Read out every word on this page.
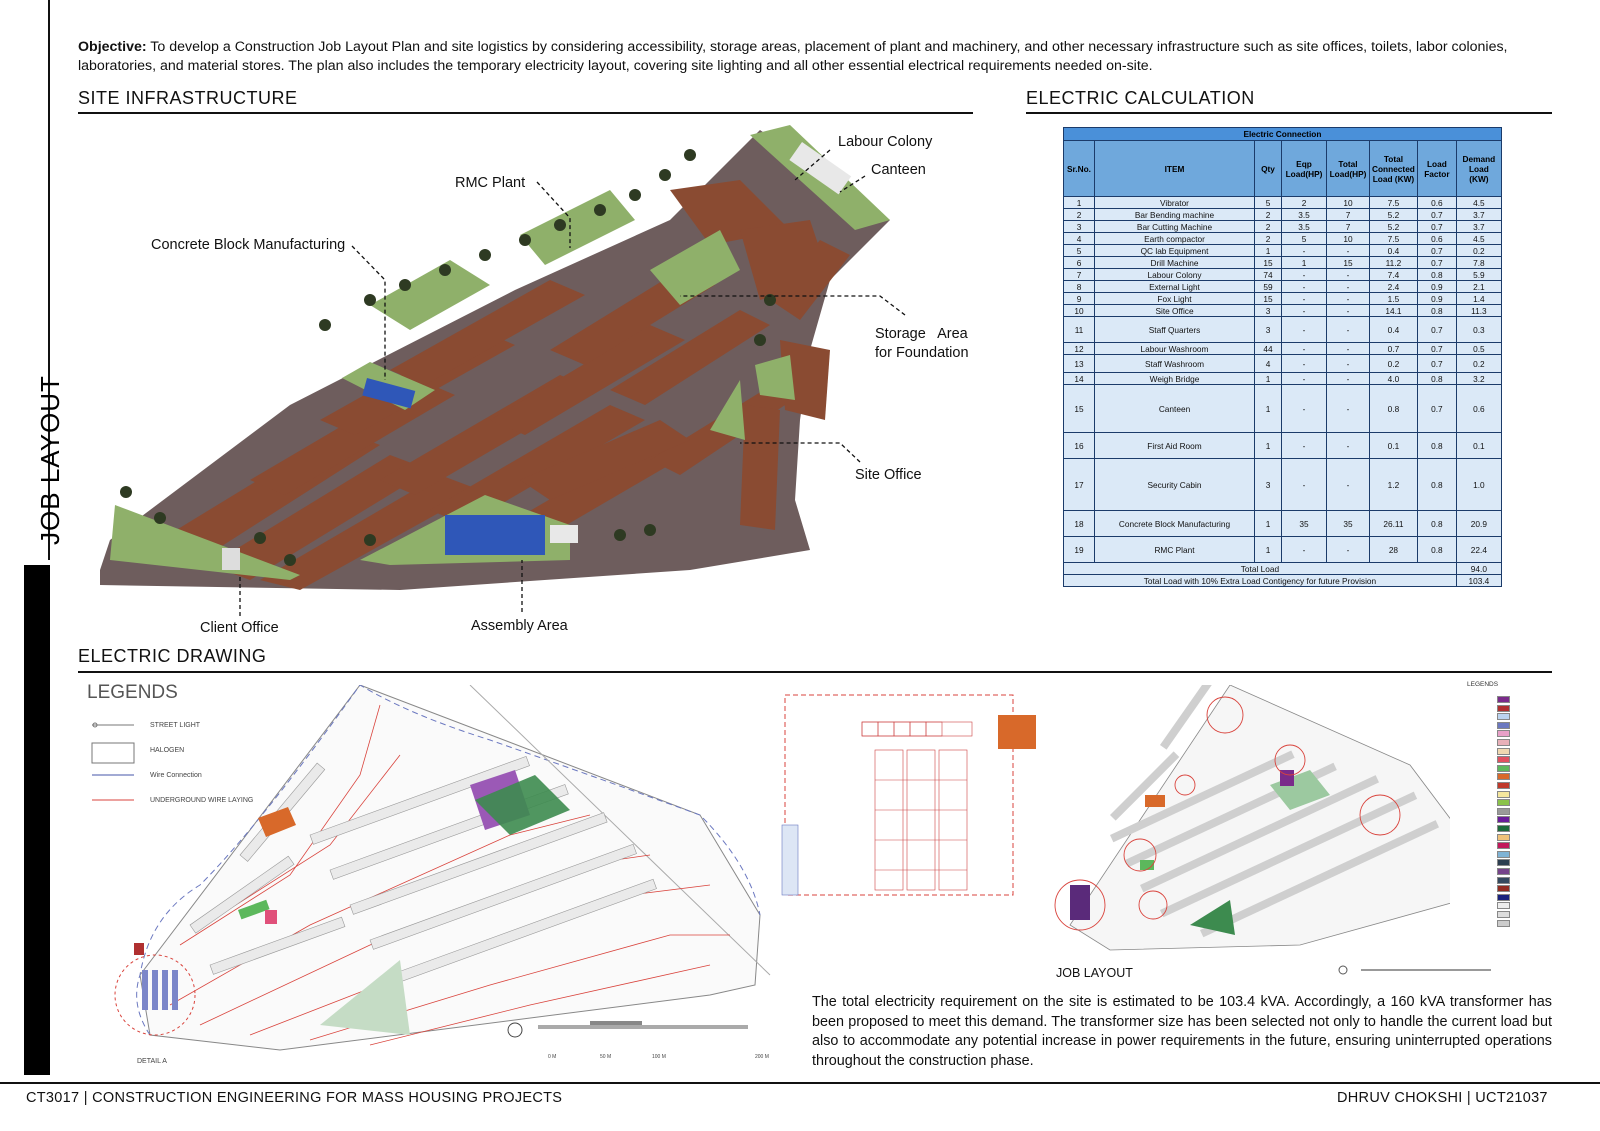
JOB LAYOUT
Objective: To develop a Construction Job Layout Plan and site logistics by considering accessibility, storage areas, placement of plant and machinery, and other necessary infrastructure such as site offices, toilets, labor colonies, laboratories, and material stores. The plan also includes the temporary electricity layout, covering site lighting and all other essential electrical requirements needed on-site.
SITE INFRASTRUCTURE	ELECTRIC CALCULATION
ELECTRIC DRAWING
Labour Colony
Canteen
RMC Plant
Concrete Block Manufacturing
Storage   Area
for Foundation
Site Office
Client Office	Assembly Area
Electric Connection							
Sr.No.	ITEM	Qty	Eqp Load(HP)	Total Load(HP)	Total Connected Load (KW)	Load Factor	Demand Load (KW)
1	Vibrator	5	2	10	7.5	0.6	4.5
2	Bar Bending machine	2	3.5	7	5.2	0.7	3.7
3	Bar Cutting Machine	2	3.5	7	5.2	0.7	3.7
4	Earth compactor	2	5	10	7.5	0.6	4.5
5	QC lab Equipment	1	-	-	0.4	0.7	0.2
6	Drill Machine	15	1	15	11.2	0.7	7.8
7	Labour Colony	74	-	-	7.4	0.8	5.9
8	External Light	59	-	-	2.4	0.9	2.1
9	Fox Light	15	-	-	1.5	0.9	1.4
10	Site Office	3	-	-	14.1	0.8	11.3
11	Staff Quarters	3	-	-	0.4	0.7	0.3
12	Labour Washroom	44	-	-	0.7	0.7	0.5
13	Staff Washroom	4	-	-	0.2	0.7	0.2
14	Weigh Bridge	1	-	-	4.0	0.8	3.2
15	Canteen	1	-	-	0.8	0.7	0.6
16	First Aid Room	1	-	-	0.1	0.8	0.1
17	Security Cabin	3	-	-	1.2	0.8	1.0
18	Concrete Block Manufacturing	1	35	35	26.11	0.8	20.9
19	RMC Plant	1	-	-	28	0.8	22.4
Total Load							94.0
Total Load with 10% Extra Load Contigency for future Provision							103.4
LEGENDS
STREET LIGHT
HALOGEN
Wire Connection
UNDERGROUND WIRE LAYING
DETAIL A
0 M	50 M	100 M	200 M
LEGENDS
JOB LAYOUT
The total electricity requirement on the site is estimated to be 103.4 kVA. Accordingly, a 160 kVA transformer has been proposed to meet this demand. The transformer size has been selected not only to handle the current load but also to accommodate any potential increase in power requirements in the future, ensuring uninterrupted operations throughout the construction phase.
CT3017 | CONSTRUCTION ENGINEERING FOR MASS HOUSING PROJECTS	DHRUV CHOKSHI | UCT21037
